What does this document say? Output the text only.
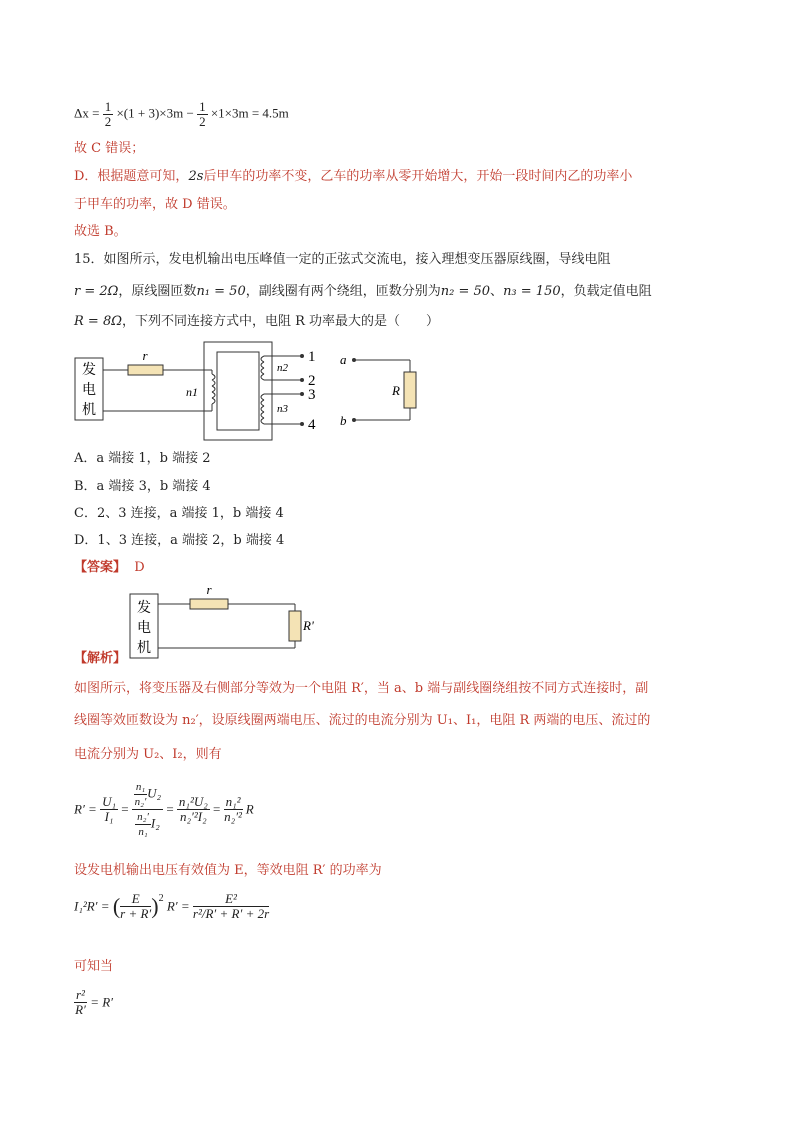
$\Delta x = \frac{1}{2} \times(1 + 3)\times 3m - \frac{1}{2} \times 1\times 3m = 4.5m$
故 C 错误；
D．根据题意可知，2s后甲车的功率不变，乙车的功率从零开始增大，开始一段时间内乙的功率小
于甲车的功率，故 D 错误。
故选 B。
15．如图所示，发电机输出电压峰值一定的正弦式交流电，接入理想变压器原线圈，导线电阻
r = 2Ω，原线圈匝数n₁ = 50，副线圈有两个绕组，匝数分别为n₂ = 50、n₃ = 150，负载定值电阻
R = 8Ω，下列不同连接方式中，电阻 R 功率最大的是（　　）
发
电
机
r
n1
n2
n3
1
2
3
4
a
b
R
A．a 端接 1，b 端接 2
B．a 端接 3，b 端接 4
C．2、3 连接，a 端接 1，b 端接 4
D．1、3 连接，a 端接 2，b 端接 4
【答案】 D
发
电
机
r
R'
【解析】
如图所示，将变压器及右侧部分等效为一个电阻 R′，当 a、b 端与副线圈绕组按不同方式连接时，副
线圈等效匝数设为 n₂′，设原线圈两端电压、流过的电流分别为 U₁、I₁，电阻 R 两端的电压、流过的
电流分别为 U₂、I₂，则有
$R' = \frac{\text{U₁}}{\text{I₁}} = \frac{\frac{\text{n₁}}{\text{n₂′}} U_2}{\frac{\text{n₂′}}{\text{n₁}} I_2} = \frac{\text{n₁²U₂}}{\text{n₂′²I₂}} = \frac{\text{n₁²}}{\text{n₂′²}}$ R
设发电机输出电压有效值为 E，等效电阻 R′ 的功率为
I₁²R′ = ( $\frac{E}{r + R'} )^2$ $R' = \frac{\text{E²}}{\text{r²/R′ + R′ + 2r}}$
可知当
$\frac{\text{r²}}{R'} = R'$
